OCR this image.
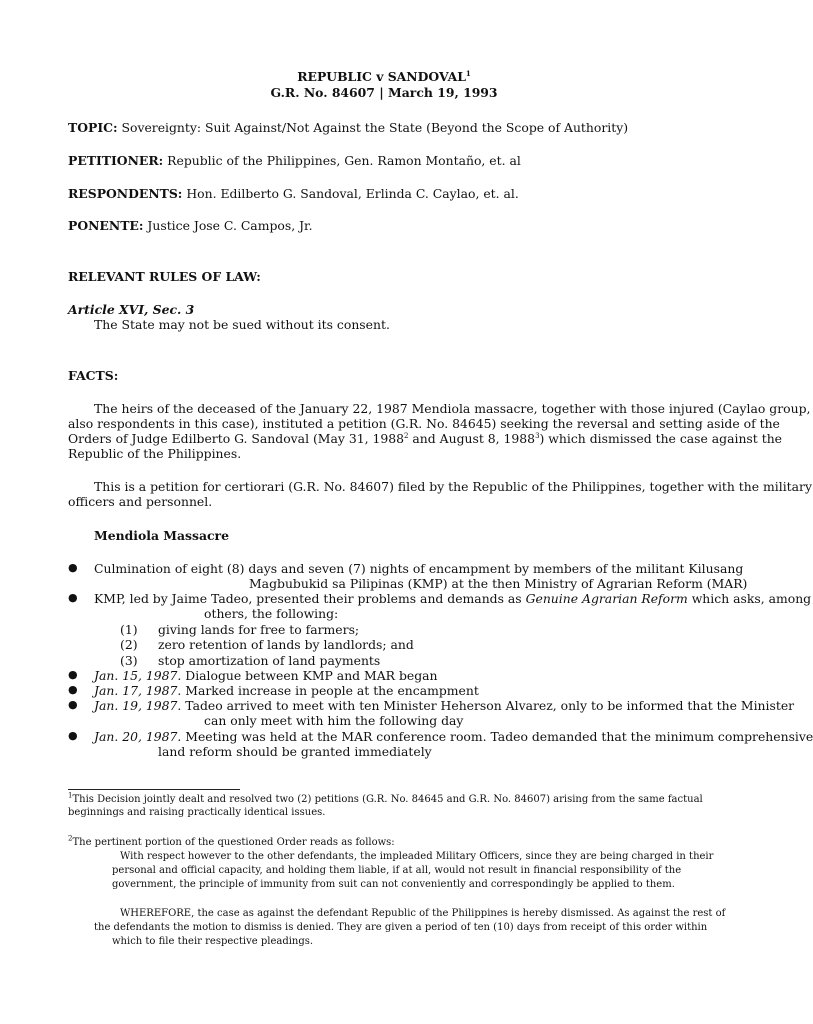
REPUBLIC v SANDOVAL$^1$
G.R. No. 84607 | March 19, 1993
TOPIC: Sovereignty: Suit Against/Not Against the State (Beyond the Scope of Authority)
PETITIONER: Republic of the Philippines, Gen. Ramon Montaño, et. al
RESPONDENTS: Hon. Edilberto G. Sandoval, Erlinda C. Caylao, et. al.
PONENTE: Justice Jose C. Campos, Jr.
RELEVANT RULES OF LAW:
Article XVI, Sec. 3
The State may not be sued without its consent.
FACTS:
The heirs of the deceased of the January 22, 1987 Mendiola massacre, together with those injured (Caylao group,
also respondents in this case), instituted a petition (G.R. No. 84645) seeking the reversal and setting aside of the
Orders of Judge Edilberto G. Sandoval (May 31, 1988$^2$ and August 8, 1988$^3$) which dismissed the case against the
Republic of the Philippines.
This is a petition for certiorari (G.R. No. 84607) filed by the Republic of the Philippines, together with the military
officers and personnel.
Mendiola Massacre
● Culmination of eight (8) days and seven (7) nights of encampment by members of the militant Kilusang
Magbubukid sa Pilipinas (KMP) at the then Ministry of Agrarian Reform (MAR)
● KMP, led by Jaime Tadeo, presented their problems and demands as Genuine Agrarian Reform which asks, among
others, the following:
(1) giving lands for free to farmers;
(2) zero retention of lands by landlords; and
(3) stop amortization of land payments
● Jan. 15, 1987. Dialogue between KMP and MAR began
● Jan. 17, 1987. Marked increase in people at the encampment
● Jan. 19, 1987. Tadeo arrived to meet with ten Minister Heherson Alvarez, only to be informed that the Minister
can only meet with him the following day
● Jan. 20, 1987. Meeting was held at the MAR conference room. Tadeo demanded that the minimum comprehensive
land reform should be granted immediately
$^1$This Decision jointly dealt and resolved two (2) petitions (G.R. No. 84645 and G.R. No. 84607) arising from the same factual
beginnings and raising practically identical issues.
$^2$The pertinent portion of the questioned Order reads as follows:
With respect however to the other defendants, the impleaded Military Officers, since they are being charged in their
personal and official capacity, and holding them liable, if at all, would not result in financial responsibility of the
government, the principle of immunity from suit can not conveniently and correspondingly be applied to them.
WHEREFORE, the case as against the defendant Republic of the Philippines is hereby dismissed. As against the rest of
the defendants the motion to dismiss is denied. They are given a period of ten (10) days from receipt of this order within
which to file their respective pleadings.
